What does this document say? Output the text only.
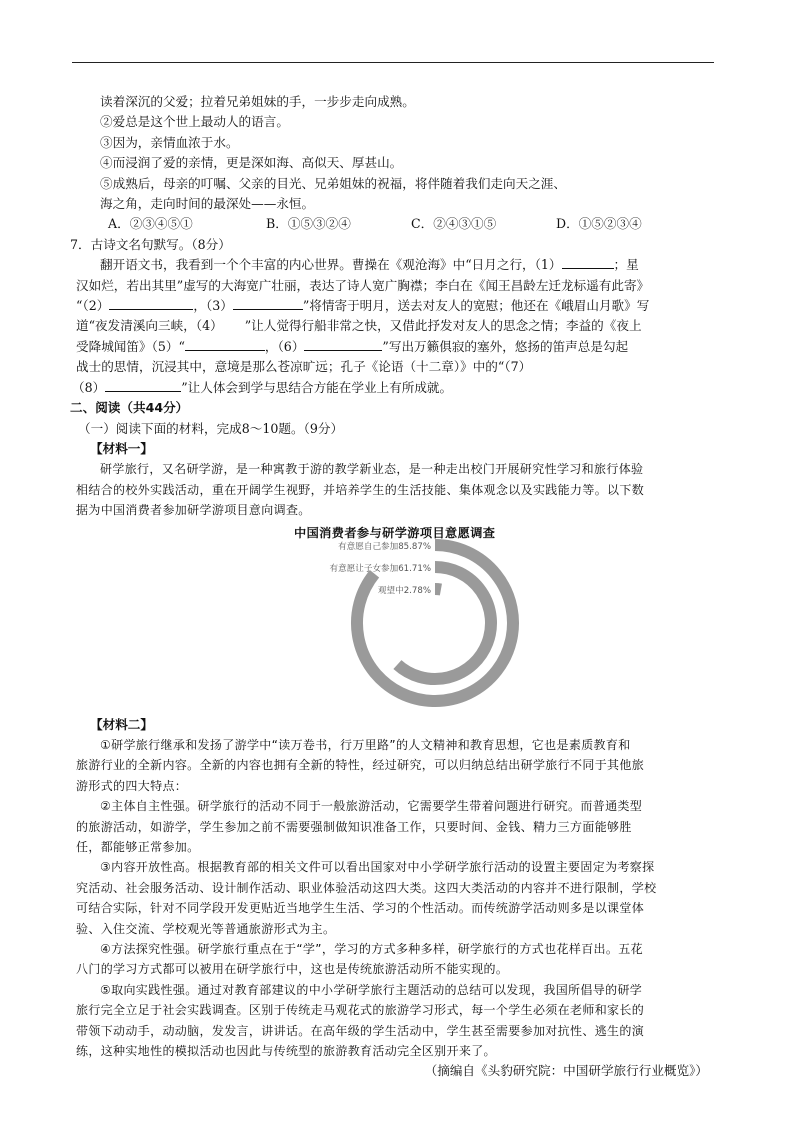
读着深沉的父爱；拉着兄弟姐妹的手，一步步走向成熟。
②爱总是这个世上最动人的语言。
③因为，亲情血浓于水。
④而浸润了爱的亲情，更是深如海、高似天、厚甚山。
⑤成熟后，母亲的叮嘱、父亲的目光、兄弟姐妹的祝福，将伴随着我们走向天之涯、
海之角，走向时间的最深处——永恒。
A．②③④⑤①	B．①⑤③②④	C．②④③①⑤	D．①⑤②③④
7．古诗文名句默写。（8分）
翻开语文书，我看到一个个丰富的内心世界。曹操在《观沧海》中“日月之行，（1）	；星
汉如烂，若出其里”虚写的大海宽广壮丽，表达了诗人宽广胸襟；李白在《闻王昌龄左迁龙标遥有此寄》
“（2）	，（3）	”将情寄于明月，送去对友人的宽慰；他还在《峨眉山月歌》写
道“夜发清溪向三峡，（4） ”让人觉得行船非常之快，又借此抒发对友人的思念之情；李益的《夜上
受降城闻笛》（5）“	，（6）	”写出万籁俱寂的塞外，悠扬的笛声总是勾起
战士的思情，沉浸其中，意境是那么苍凉旷远；孔子《论语（十二章）》中的“（7）
（8）	”让人体会到学与思结合方能在学业上有所成就。
二、阅读（共44分）
（一）阅读下面的材料，完成8～10题。（9分）
【材料一】
研学旅行，又名研学游，是一种寓教于游的教学新业态，是一种走出校门开展研究性学习和旅行体验
相结合的校外实践活动，重在开阔学生视野，并培养学生的生活技能、集体观念以及实践能力等。以下数
据为中国消费者参加研学游项目意向调查。
中国消费者参与研学游项目意愿调查
有意愿自己参加85.87%
有意愿让子女参加61.71%
观望中2.78%
【材料二】
①研学旅行继承和发扬了游学中“读万卷书，行万里路”的人文精神和教育思想，它也是素质教育和
旅游行业的全新内容。全新的内容也拥有全新的特性，经过研究，可以归纳总结出研学旅行不同于其他旅
游形式的四大特点：
②主体自主性强。研学旅行的活动不同于一般旅游活动，它需要学生带着问题进行研究。而普通类型
的旅游活动，如游学，学生参加之前不需要强制做知识准备工作，只要时间、金钱、精力三方面能够胜
任，都能够正常参加。
③内容开放性高。根据教育部的相关文件可以看出国家对中小学研学旅行活动的设置主要固定为考察探
究活动、社会服务活动、设计制作活动、职业体验活动这四大类。这四大类活动的内容并不进行限制，学校
可结合实际，针对不同学段开发更贴近当地学生生活、学习的个性活动。而传统游学活动则多是以课堂体
验、入住交流、学校观光等普通旅游形式为主。
④方法探究性强。研学旅行重点在于“学”，学习的方式多种多样，研学旅行的方式也花样百出。五花
八门的学习方式都可以被用在研学旅行中，这也是传统旅游活动所不能实现的。
⑤取向实践性强。通过对教育部建议的中小学研学旅行主题活动的总结可以发现，我国所倡导的研学
旅行完全立足于社会实践调查。区别于传统走马观花式的旅游学习形式，每一个学生必须在老师和家长的
带领下动动手，动动脑，发发言，讲讲话。在高年级的学生活动中，学生甚至需要参加对抗性、逃生的演
练，这种实地性的模拟活动也因此与传统型的旅游教育活动完全区别开来了。
（摘编自《头豹研究院：中国研学旅行行业概览》）
